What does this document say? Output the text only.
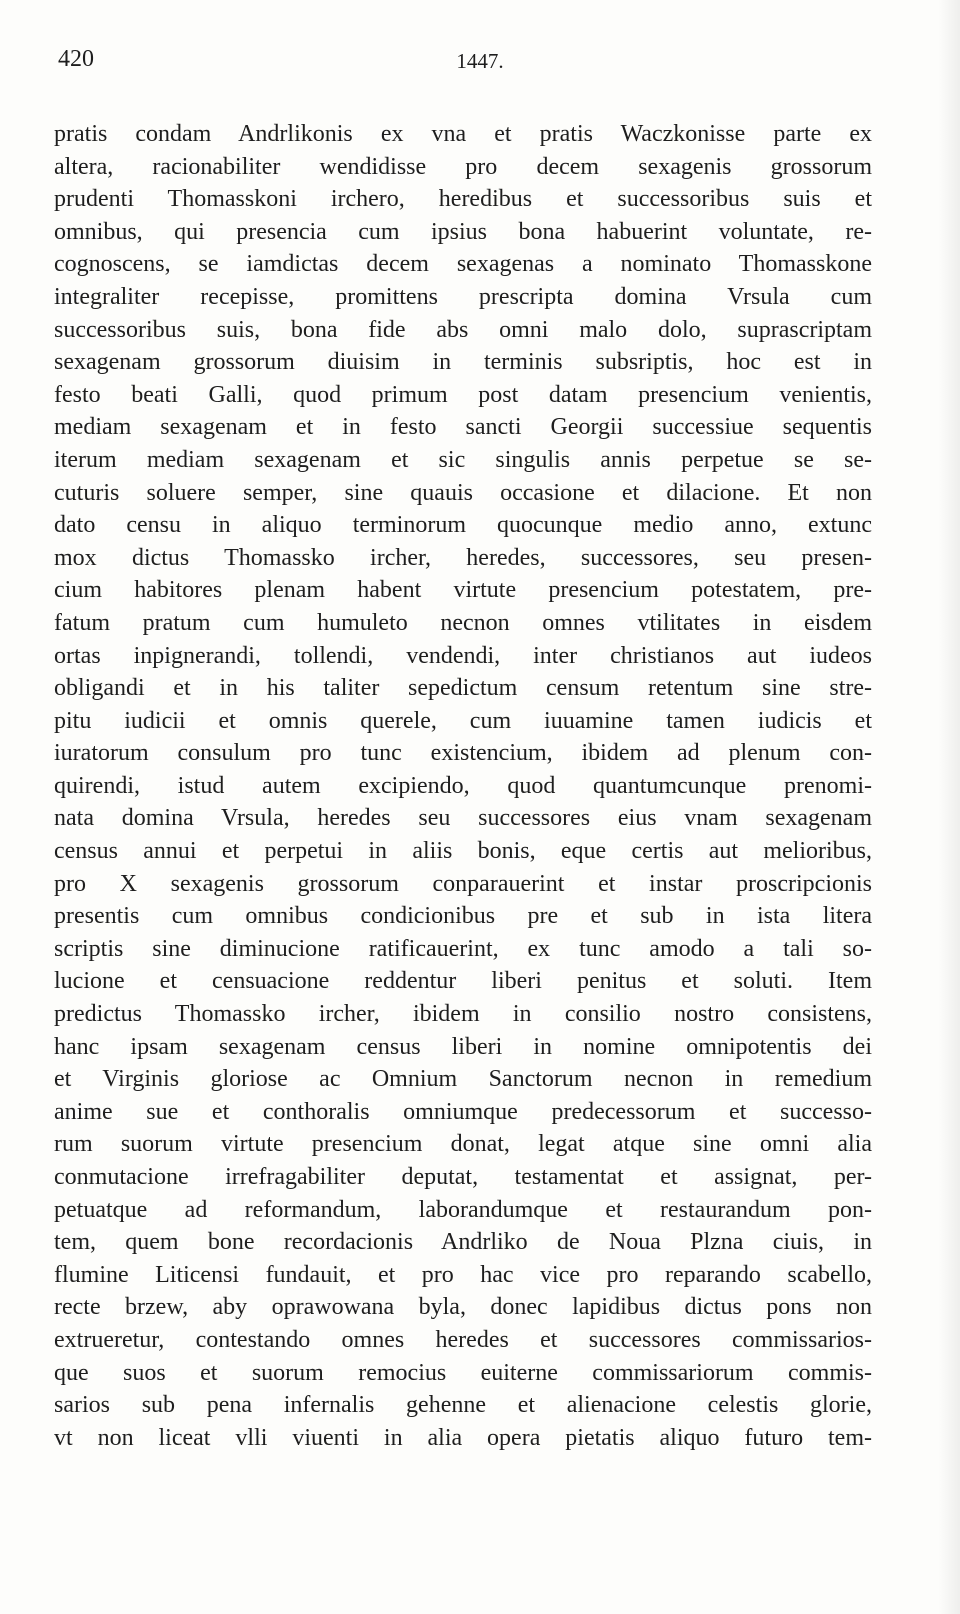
420	1447.
pratis condam Andrlikonis ex vna et pratis Waczkonisse parte ex
altera, racionabiliter wendidisse pro decem sexagenis grossorum
prudenti Thomasskoni irchero, heredibus et successoribus suis et
omnibus, qui presencia cum ipsius bona habuerint voluntate, re-
cognoscens, se iamdictas decem sexagenas a nominato Thomasskone
integraliter recepisse, promittens prescripta domina Vrsula cum
successoribus suis, bona fide abs omni malo dolo, suprascriptam
sexagenam grossorum diuisim in terminis subsriptis, hoc est in
festo beati Galli, quod primum post datam presencium venientis,
mediam sexagenam et in festo sancti Georgii successiue sequentis
iterum mediam sexagenam et sic singulis annis perpetue se se-
cuturis soluere semper, sine quauis occasione et dilacione. Et non
dato censu in aliquo terminorum quocunque medio anno, extunc
mox dictus Thomassko ircher, heredes, successores, seu presen-
cium habitores plenam habent virtute presencium potestatem, pre-
fatum pratum cum humuleto necnon omnes vtilitates in eisdem
ortas inpignerandi, tollendi, vendendi, inter christianos aut iudeos
obligandi et in his taliter sepedictum censum retentum sine stre-
pitu iudicii et omnis querele, cum iuuamine tamen iudicis et
iuratorum consulum pro tunc existencium, ibidem ad plenum con-
quirendi, istud autem excipiendo, quod quantumcunque prenomi-
nata domina Vrsula, heredes seu successores eius vnam sexagenam
census annui et perpetui in aliis bonis, eque certis aut melioribus,
pro X sexagenis grossorum conparauerint et instar proscripcionis
presentis cum omnibus condicionibus pre et sub in ista litera
scriptis sine diminucione ratificauerint, ex tunc amodo a tali so-
lucione et censuacione reddentur liberi penitus et soluti. Item
predictus Thomassko ircher, ibidem in consilio nostro consistens,
hanc ipsam sexagenam census liberi in nomine omnipotentis dei
et Virginis gloriose ac Omnium Sanctorum necnon in remedium
anime sue et conthoralis omniumque predecessorum et successo-
rum suorum virtute presencium donat, legat atque sine omni alia
conmutacione irrefragabiliter deputat, testamentat et assignat, per-
petuatque ad reformandum, laborandumque et restaurandum pon-
tem, quem bone recordacionis Andrliko de Noua Plzna ciuis, in
flumine Liticensi fundauit, et pro hac vice pro reparando scabello,
recte brzew, aby oprawowana byla, donec lapidibus dictus pons non
extrueretur, contestando omnes heredes et successores commissarios-
que suos et suorum remocius euiterne commissariorum commis-
sarios sub pena infernalis gehenne et alienacione celestis glorie,
vt non liceat vlli viuenti in alia opera pietatis aliquo futuro tem-
